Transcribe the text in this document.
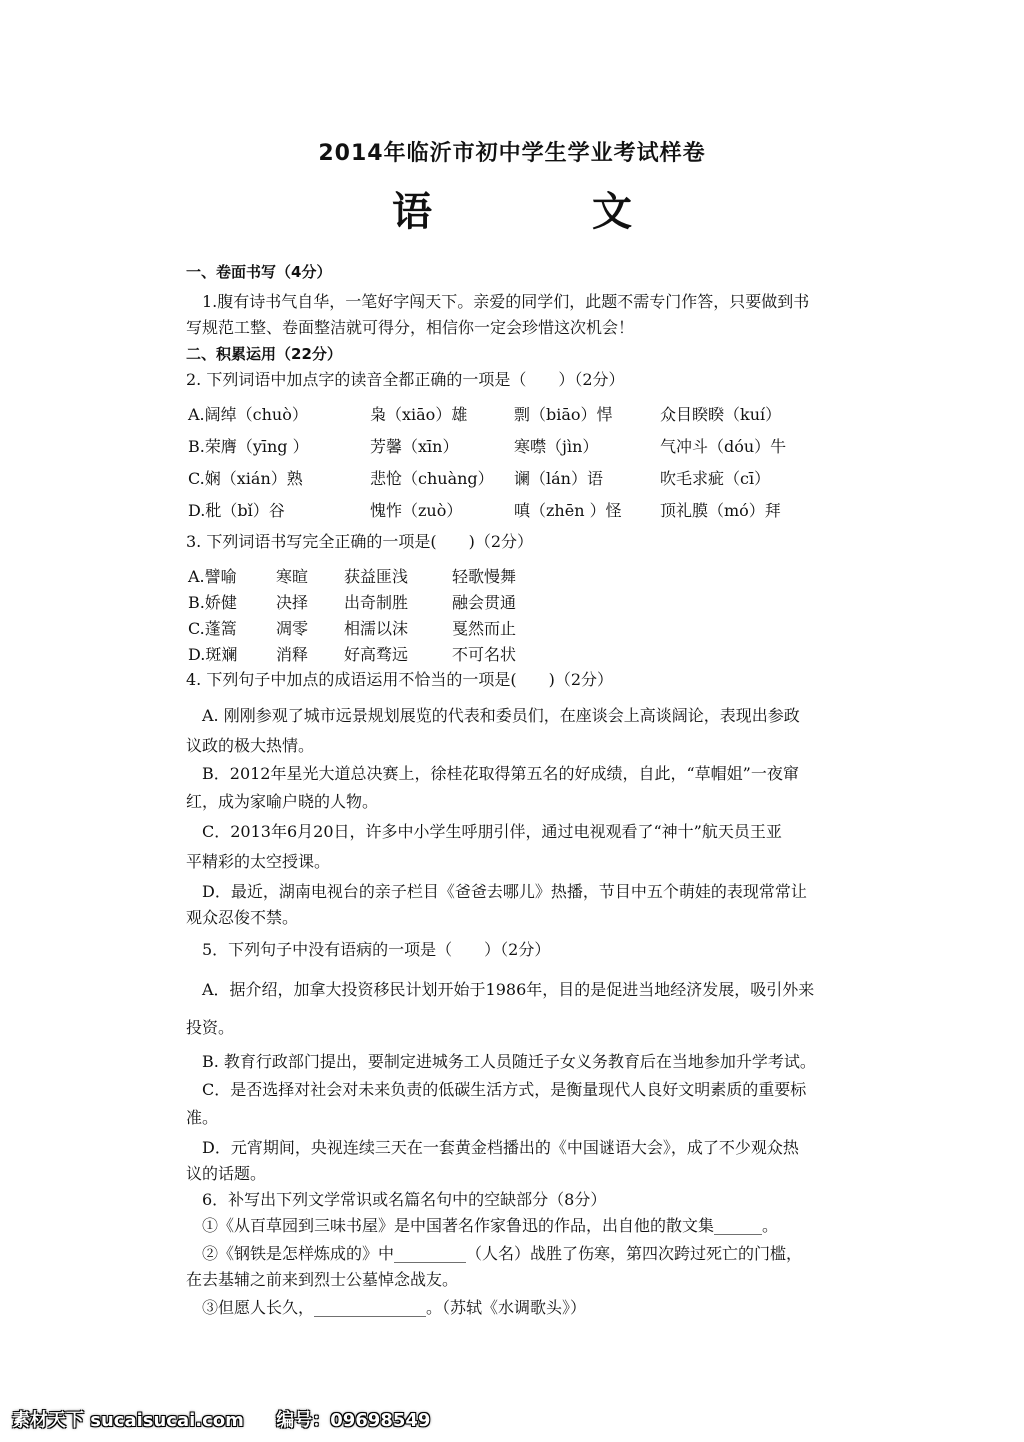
2014年临沂市初中学生学业考试样卷
语　文
一、卷面书写（4分）
1.腹有诗书气自华，一笔好字闯天下。亲爱的同学们，此题不需专门作答，只要做到书
写规范工整、卷面整洁就可得分，相信你一定会珍惜这次机会！
二、积累运用（22分）
2. 下列词语中加点字的读音全都正确的一项是（　　）（2分）
A.阔绰（chuò）	枭（xiāo）雄	剽（biāo）悍	众目睽睽（kuí）
B.荣膺（yīng ）	芳馨（xīn）	寒噤（jìn）	气冲斗（dóu）牛
C.娴（xián）熟	悲怆（chuàng） 谰（lán）语	吹毛求疵（cī）
D.秕（bǐ）谷	愧怍（zuò）	嗔（zhēn ）怪 顶礼膜（mó）拜
3. 下列词语书写完全正确的一项是(　　)（2分）
A.譬喻 寒暄 获益匪浅	轻歌慢舞
B.娇健 决择 出奇制胜	融会贯通
C.蓬篙 凋零 相濡以沫	戛然而止
D.斑斓 消释 好高骛远	不可名状
4. 下列句子中加点的成语运用不恰当的一项是(　　)（2分）
A. 刚刚参观了城市远景规划展览的代表和委员们，在座谈会上高谈阔论，表现出参政
议政的极大热情。
B．2012年星光大道总决赛上，徐桂花取得第五名的好成绩，自此，“草帽姐”一夜窜
红，成为家喻户晓的人物。
C．2013年6月20日，许多中小学生呼朋引伴，通过电视观看了“神十”航天员王亚
平精彩的太空授课。
D．最近，湖南电视台的亲子栏目《爸爸去哪儿》热播，节目中五个萌娃的表现常常让
观众忍俊不禁。
5．下列句子中没有语病的一项是（　　）（2分）
A．据介绍，加拿大投资移民计划开始于1986年，目的是促进当地经济发展，吸引外来
投资。
B. 教育行政部门提出，要制定进城务工人员随迁子女义务教育后在当地参加升学考试。
C．是否选择对社会对未来负责的低碳生活方式，是衡量现代人良好文明素质的重要标
准。
D．元宵期间，央视连续三天在一套黄金档播出的《中国谜语大会》，成了不少观众热
议的话题。
6．补写出下列文学常识或名篇名句中的空缺部分（8分）
①《从百草园到三味书屋》是中国著名作家鲁迅的作品，出自他的散文集______。
②《钢铁是怎样炼成的》中_________（人名）战胜了伤寒，第四次跨过死亡的门槛，
在去基辅之前来到烈士公墓悼念战友。
③但愿人长久，______________。（苏轼《水调歌头》）
素材天下 sucaisucai.com 编号：09698549
